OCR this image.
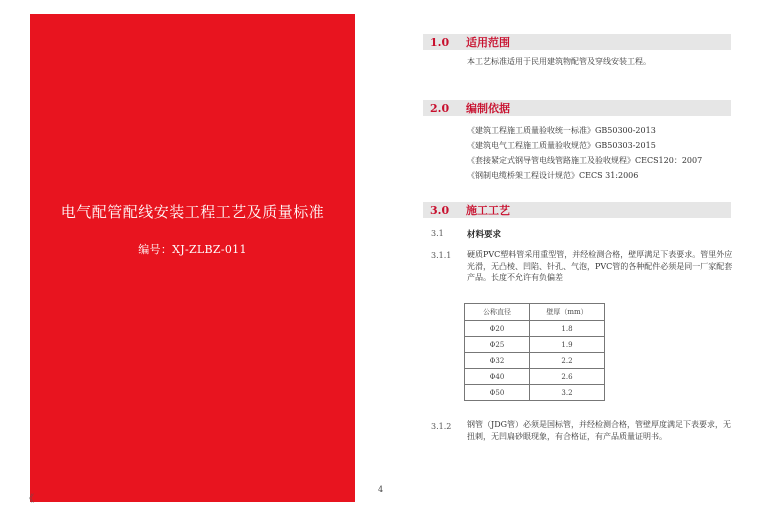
电气配管配线安装工程工艺及质量标准
编号：XJ-ZLBZ-011
《
4
1.0	适用范围
本工艺标准适用于民用建筑物配管及穿线安装工程。
2.0	编制依据
《建筑工程施工质量验收统一标准》GB50300-2013
《建筑电气工程施工质量验收规范》GB50303-2015
《套接紧定式钢导管电线管路施工及验收规程》CECS120：2007
《钢制电缆桥架工程设计规范》CECS 31:2006
3.0	施工工艺
3.1	材料要求
3.1.1 硬质PVC塑料管采用重型管，并经检测合格，壁厚满足下表要求。管里外应光滑，无凸棱、凹陷、针孔、气泡，PVC管的各种配件必须是同一厂家配套产品。长度不允许有负偏差
公称直径	壁厚（mm）
Φ20	1.8
Φ25	1.9
Φ32	2.2
Φ40	2.6
Φ50	3.2
3.1.2 钢管（JDG管）必须是国标管，并经检测合格，管壁厚度满足下表要求，无扭刺，无凹扁砂眼现象，有合格证，有产品质量证明书。
